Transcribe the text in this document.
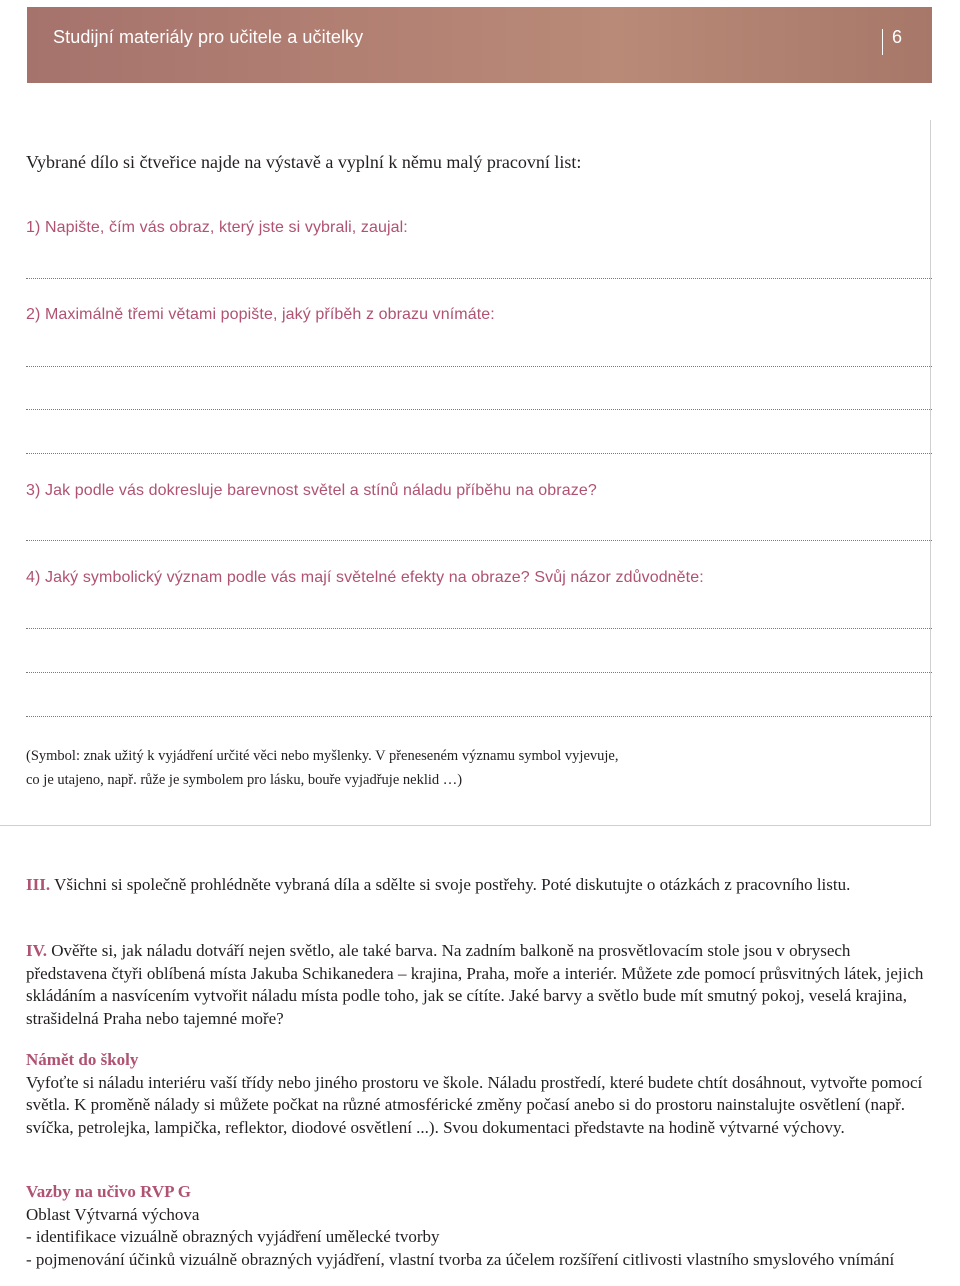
Studijní materiály pro učitele a učitelky	6
Vybrané dílo si čtveřice najde na výstavě a vyplní k němu malý pracovní list:
1) Napište, čím vás obraz, který jste si vybrali, zaujal:
2) Maximálně třemi větami popište, jaký příběh z obrazu vnímáte:
3) Jak podle vás dokresluje barevnost světel a stínů náladu příběhu na obraze?
4) Jaký symbolický význam podle vás mají světelné efekty na obraze? Svůj názor zdůvodněte:
(Symbol: znak užitý k vyjádření určité věci nebo myšlenky. V přeneseném významu symbol vyjevuje,
co je utajeno, např. růže je symbolem pro lásku, bouře vyjadřuje neklid …)

III. Všichni si společně prohlédněte vybraná díla a sdělte si svoje postřehy. Poté diskutujte o otázkách z pracovního listu.

IV. Ověřte si, jak náladu dotváří nejen světlo, ale také barva. Na zadním balkoně na prosvětlovacím stole jsou v obrysech představena čtyři oblíbená místa Jakuba Schikanedera – krajina, Praha, moře a interiér. Můžete zde pomocí průsvitných látek, jejich skládáním a nasvícením vytvořit náladu místa podle toho, jak se cítíte. Jaké barvy a světlo bude mít smutný pokoj, veselá krajina, strašidelná Praha nebo tajemné moře?

Námět do školy

Vyfoťte si náladu interiéru vaší třídy nebo jiného prostoru ve škole. Náladu prostředí, které budete chtít dosáhnout, vytvořte pomocí světla. K proměně nálady si můžete počkat na různé atmosférické změny počasí anebo si do prostoru nainstalujte osvětlení (např. svíčka, petrolejka, lampička, reflektor, diodové osvětlení ...). Svou dokumentaci představte na hodině výtvarné výchovy.

Vazby na učivo RVP G

Oblast Výtvarná výchova

- identifikace vizuálně obrazných vyjádření umělecké tvorby

- pojmenování účinků vizuálně obrazných vyjádření, vlastní tvorba za účelem rozšíření citlivosti vlastního smyslového vnímání
